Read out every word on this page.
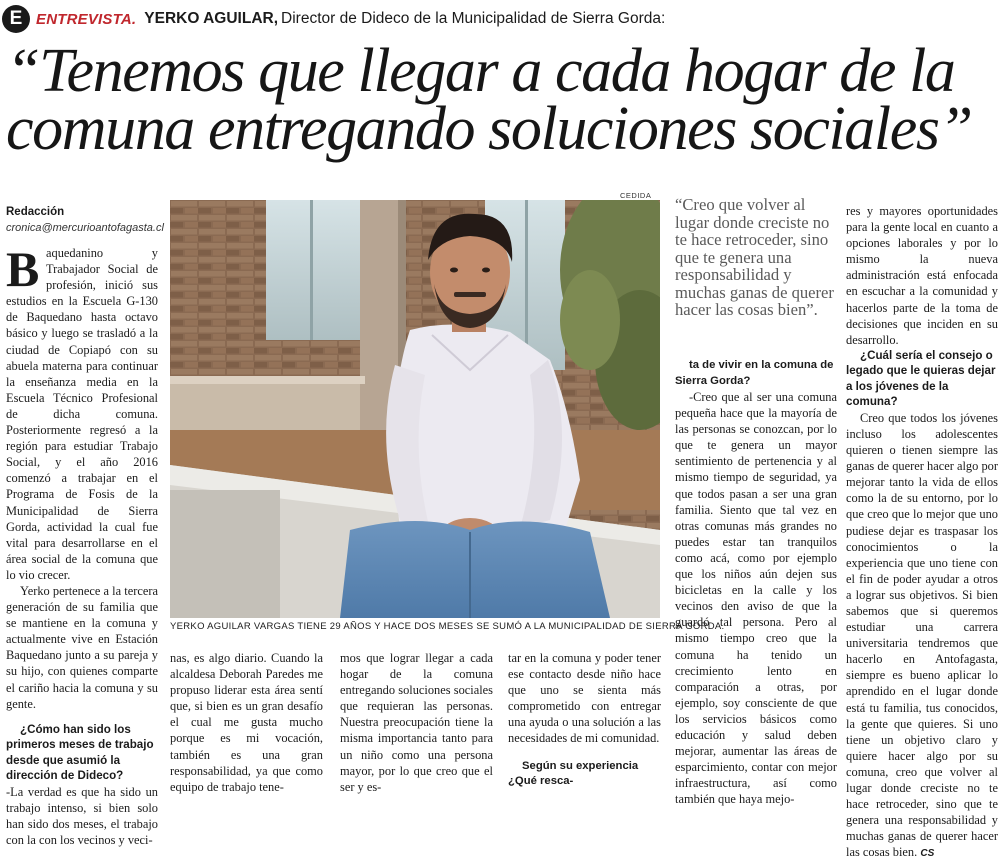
E ENTREVISTA. YERKO AGUILAR, Director de Dideco de la Municipalidad de Sierra Gorda:
“Tenemos que llegar a cada hogar de la
comuna entregando soluciones sociales”
Redacción
cronica@mercurioantofagasta.cl

Baquedanino y Trabajador Social de profesión, inició sus estudios en la Escuela G-130 de Baquedano hasta octavo básico y luego se trasladó a la ciudad de Copiapó con su abuela materna para continuar la enseñanza media en la Escuela Técnico Profesional de dicha comuna. Posteriormente regresó a la región para estudiar Trabajo Social, y el año 2016 comenzó a trabajar en el Programa de Fosis de la Municipalidad de Sierra Gorda, actividad la cual fue vital para desarrollarse en el área social de la comuna que lo vio crecer.

Yerko pertenece a la tercera generación de su familia que se mantiene en la comuna y actualmente vive en Estación Baquedano junto a su pareja y su hijo, con quienes comparte el cariño hacia la comuna y su gente.

¿Cómo han sido los primeros meses de trabajo desde que asumió la dirección de Dideco?

-La verdad es que ha sido un trabajo intenso, si bien solo han sido dos meses, el trabajo con la con los vecinos y veci-

CEDIDA
YERKO AGUILAR VARGAS TIENE 29 AÑOS Y HACE DOS MESES SE SUMÓ A LA MUNICIPALIDAD DE SIERRA GORDA.
“Creo que volver al lugar donde creciste no te hace retroceder, sino que te genera una responsabilidad y muchas ganas de querer hacer las cosas bien”.

nas, es algo diario. Cuando la alcaldesa Deborah Paredes me propuso liderar esta área sentí que, si bien es un gran desafío el cual me gusta mucho porque es mi vocación, también es una gran responsabilidad, ya que como equipo de trabajo tene-

mos que lograr llegar a cada hogar de la comuna entregando soluciones sociales que requieran las personas. Nuestra preocupación tiene la misma importancia tanto para un niño como una persona mayor, por lo que creo que el ser y es-

tar en la comuna y poder tener ese contacto desde niño hace que uno se sienta más comprometido con entregar una ayuda o una solución a las necesidades de mi comunidad.

Según su experiencia ¿Qué resca-

ta de vivir en la comuna de Sierra Gorda?

-Creo que al ser una comuna pequeña hace que la mayoría de las personas se conozcan, por lo que te genera un mayor sentimiento de pertenencia y al mismo tiempo de seguridad, ya que todos pasan a ser una gran familia. Siento que tal vez en otras comunas más grandes no puedes estar tan tranquilos como acá, como por ejemplo que los niños aún dejen sus bicicletas en la calle y los vecinos den aviso de que la guardó tal persona. Pero al mismo tiempo creo que la comuna ha tenido un crecimiento lento en comparación a otras, por ejemplo, soy consciente de que los servicios básicos como educación y salud deben mejorar, aumentar las áreas de esparcimiento, contar con mejor infraestructura, así como también que haya mejo-

res y mayores oportunidades para la gente local en cuanto a opciones laborales y por lo mismo la nueva administración está enfocada en escuchar a la comunidad y hacerlos parte de la toma de decisiones que inciden en su desarrollo.

¿Cuál sería el consejo o legado que le quieras dejar a los jóvenes de la comuna?

Creo que todos los jóvenes incluso los adolescentes quieren o tienen siempre las ganas de querer hacer algo por mejorar tanto la vida de ellos como la de su entorno, por lo que creo que lo mejor que uno pudiese dejar es traspasar los conocimientos o la experiencia que uno tiene con el fin de poder ayudar a otros a lograr sus objetivos. Si bien sabemos que si queremos estudiar una carrera universitaria tendremos que hacerlo en Antofagasta, siempre es bueno aplicar lo aprendido en el lugar donde está tu familia, tus conocidos, la gente que quieres. Si uno tiene un objetivo claro y quiere hacer algo por su comuna, creo que volver al lugar donde creciste no te hace retroceder, sino que te genera una responsabilidad y muchas ganas de querer hacer las cosas bien. CS
